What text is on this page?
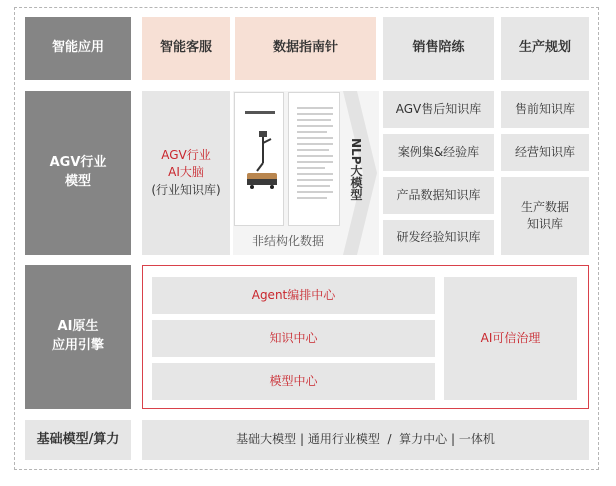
智能应用	智能客服	数据指南针	销售陪练	生产规划
AGV行业
模型
AGV行业
AI大脑
(行业知识库)
非结构化数据
NLP大模型
AGV售后知识库
案例集&经验库
产品数据知识库
研发经验知识库
售前知识库
经营知识库
生产数据
知识库
AI原生
应用引擎
Agent编排中心
知识中心
模型中心
AI可信治理
基础模型/算力	基础大模型 | 通用行业模型  /  算力中心 | 一体机
